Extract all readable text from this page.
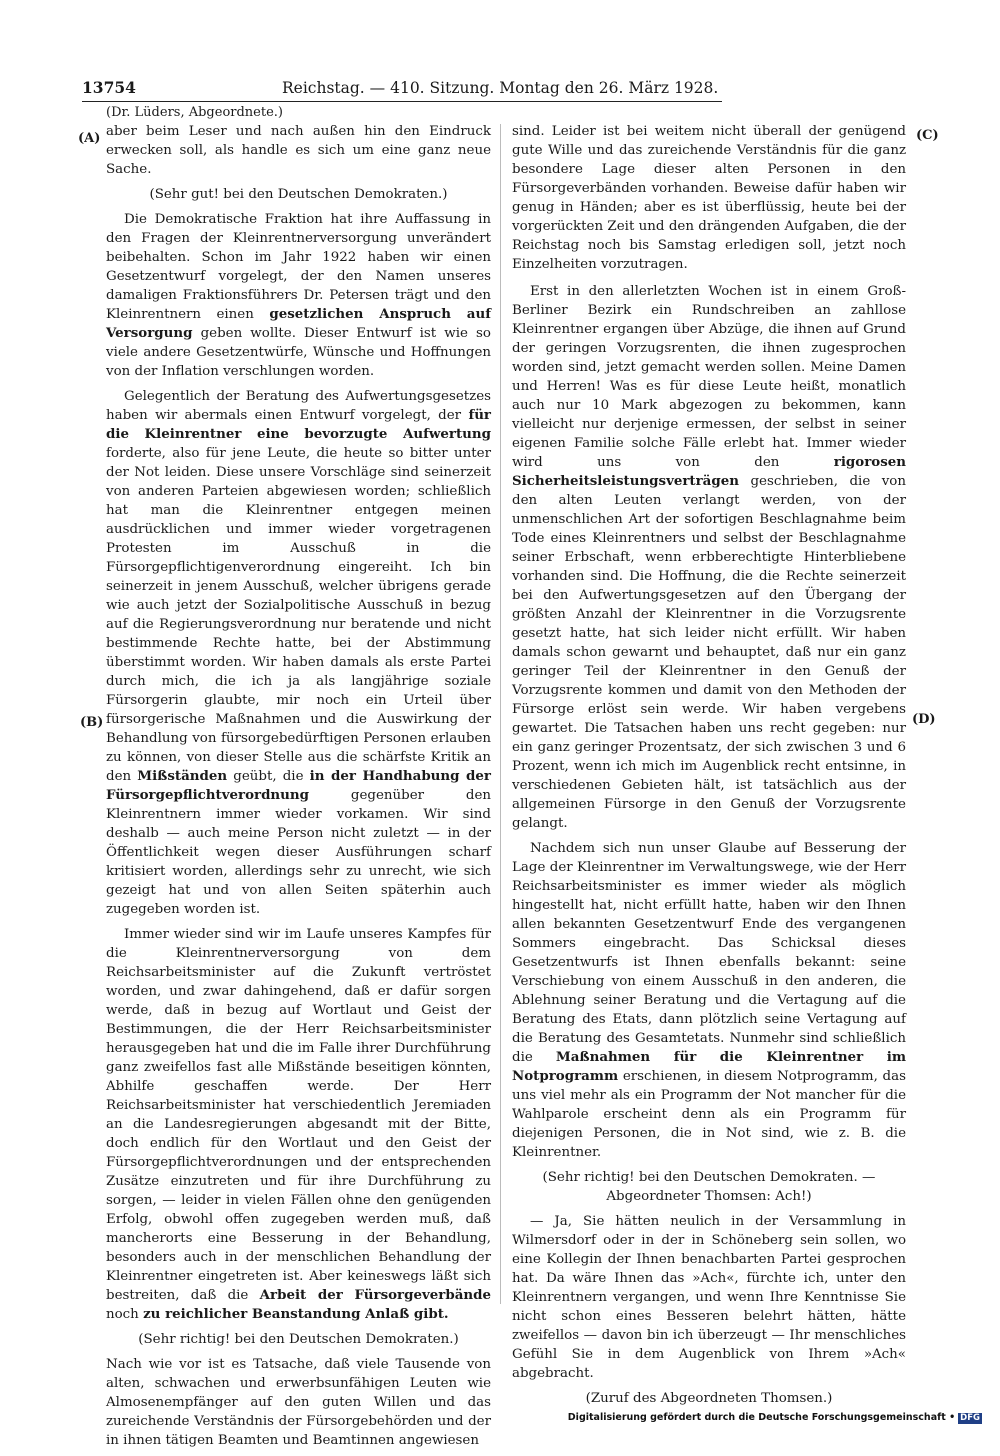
13754	Reichstag. — 410. Sitzung. Montag den 26. März 1928.
(Dr. Lüders, Abgeordnete.)
(A)
(B)
(C)
(D)

aber beim Leser und nach außen hin den Eindruck erwecken soll, als handle es sich um eine ganz neue Sache.

(Sehr gut! bei den Deutschen Demokraten.)

Die Demokratische Fraktion hat ihre Auffassung in den Fragen der Kleinrentnerversorgung unverändert beibehalten. Schon im Jahr 1922 haben wir einen Gesetzentwurf vorgelegt, der den Namen unseres damaligen Fraktionsführers Dr. Petersen trägt und den Kleinrentnern einen gesetzlichen Anspruch auf Versorgung geben wollte. Dieser Entwurf ist wie so viele andere Gesetzentwürfe, Wünsche und Hoffnungen von der Inflation verschlungen worden.

Gelegentlich der Beratung des Aufwertungsgesetzes haben wir abermals einen Entwurf vorgelegt, der für die Kleinrentner eine bevorzugte Aufwertung forderte, also für jene Leute, die heute so bitter unter der Not leiden. Diese unsere Vorschläge sind seinerzeit von anderen Parteien abgewiesen worden; schließlich hat man die Kleinrentner entgegen meinen ausdrücklichen und immer wieder vorgetragenen Protesten im Ausschuß in die Fürsorgepflichtigenverordnung eingereiht. Ich bin seinerzeit in jenem Ausschuß, welcher übrigens gerade wie auch jetzt der Sozialpolitische Ausschuß in bezug auf die Regierungsverordnung nur beratende und nicht bestimmende Rechte hatte, bei der Abstimmung überstimmt worden. Wir haben damals als erste Partei durch mich, die ich ja als langjährige soziale Fürsorgerin glaubte, mir noch ein Urteil über fürsorgerische Maßnahmen und die Auswirkung der Behandlung von fürsorgebedürftigen Personen erlauben zu können, von dieser Stelle aus die schärfste Kritik an den Mißständen geübt, die in der Handhabung der Fürsorgepflichtverordnung	gegenüber den Kleinrentnern immer wieder vorkamen. Wir sind deshalb — auch meine Person nicht zuletzt — in der Öffentlichkeit wegen dieser Ausführungen scharf kritisiert worden, allerdings sehr zu unrecht, wie sich gezeigt hat und von allen Seiten späterhin auch zugegeben worden ist.

Immer wieder sind wir im Laufe unseres Kampfes für die Kleinrentnerversorgung von dem Reichsarbeitsminister auf die Zukunft vertröstet worden, und zwar dahingehend, daß er dafür sorgen werde, daß in bezug auf Wortlaut und Geist der Bestimmungen, die der Herr Reichsarbeitsminister herausgegeben hat und die im Falle ihrer Durchführung ganz zweifellos fast alle Mißstände beseitigen könnten, Abhilfe geschaffen werde. Der Herr Reichsarbeitsminister hat verschiedentlich Jeremiaden an die Landesregierungen abgesandt mit der Bitte, doch endlich für den Wortlaut und den Geist der Fürsorgepflichtverordnungen und der entsprechenden Zusätze einzutreten und für ihre Durchführung zu sorgen, — leider in vielen Fällen ohne den genügenden Erfolg, obwohl offen zugegeben werden muß, daß mancherorts eine Besserung in der Behandlung, besonders auch in der menschlichen Behandlung der Kleinrentner eingetreten ist. Aber keineswegs läßt sich bestreiten, daß die Arbeit der Fürsorgeverbände noch zu reichlicher Beanstandung Anlaß gibt.

(Sehr richtig! bei den Deutschen Demokraten.)

Nach wie vor ist es Tatsache, daß viele Tausende von alten, schwachen und erwerbsunfähigen Leuten wie Almosenempfänger auf den guten Willen und das zureichende Verständnis der Fürsorgebehörden und der in ihnen tätigen Beamten und Beamtinnen angewiesen

sind. Leider ist bei weitem nicht überall der genügend gute Wille und das zureichende Verständnis für die ganz besondere Lage dieser alten Personen in den Fürsorgeverbänden vorhanden. Beweise dafür haben wir genug in Händen; aber es ist überflüssig, heute bei der vorgerückten Zeit und den drängenden Aufgaben, die der Reichstag noch bis Samstag erledigen soll, jetzt noch Einzelheiten vorzutragen.

Erst in den allerletzten Wochen ist in einem Groß-Berliner Bezirk ein Rundschreiben an zahllose Kleinrentner ergangen über Abzüge, die ihnen auf Grund der geringen Vorzugsrenten, die ihnen zugesprochen worden sind, jetzt gemacht werden sollen. Meine Damen und Herren! Was es für diese Leute heißt, monatlich auch nur 10 Mark abgezogen zu bekommen, kann vielleicht nur derjenige ermessen, der selbst in seiner eigenen Familie solche Fälle erlebt hat. Immer wieder wird uns von den	rigorosen Sicherheitsleistungsverträgen geschrieben, die von den alten Leuten verlangt werden, von der unmenschlichen Art der sofortigen Beschlagnahme beim Tode eines Kleinrentners und selbst der Beschlagnahme seiner Erbschaft, wenn erbberechtigte Hinterbliebene vorhanden sind. Die Hoffnung, die die Rechte seinerzeit bei den Aufwertungsgesetzen auf den Übergang der größten Anzahl der Kleinrentner in die Vorzugsrente gesetzt hatte, hat sich leider nicht erfüllt. Wir haben damals schon gewarnt und behauptet, daß nur ein ganz geringer Teil der Kleinrentner in den Genuß der Vorzugsrente kommen und damit von den Methoden der Fürsorge erlöst sein werde. Wir haben vergebens gewartet. Die Tatsachen haben uns recht gegeben: nur ein ganz geringer Prozentsatz, der sich zwischen 3 und 6 Prozent, wenn ich mich im Augenblick recht entsinne, in verschiedenen Gebieten hält, ist tatsächlich aus der allgemeinen Fürsorge in den Genuß der Vorzugsrente gelangt.

Nachdem sich nun unser Glaube auf Besserung der Lage der Kleinrentner im Verwaltungswege, wie der Herr Reichsarbeitsminister es immer wieder als möglich hingestellt hat, nicht erfüllt hatte, haben wir den Ihnen allen bekannten Gesetzentwurf Ende des vergangenen Sommers eingebracht. Das Schicksal dieses Gesetzentwurfs ist Ihnen ebenfalls bekannt: seine Verschiebung von einem Ausschuß in den anderen, die Ablehnung seiner Beratung und die Vertagung auf die Beratung des Etats, dann plötzlich seine Vertagung auf die Beratung des Gesamtetats. Nunmehr sind schließlich die Maßnahmen für die Kleinrentner im Notprogramm erschienen, in diesem Notprogramm, das uns viel mehr als ein Programm der Not mancher für die Wahlparole erscheint denn als ein Programm für diejenigen Personen, die in Not sind, wie z. B. die Kleinrentner.

(Sehr richtig! bei den Deutschen Demokraten. — Abgeordneter Thomsen: Ach!)

— Ja, Sie hätten neulich in der Versammlung in Wilmersdorf oder in der in Schöneberg sein sollen, wo eine Kollegin der Ihnen benachbarten Partei gesprochen hat. Da wäre Ihnen das »Ach«, fürchte ich, unter den Kleinrentnern vergangen, und wenn Ihre Kenntnisse Sie nicht schon eines Besseren belehrt hätten, hätte zweifellos — davon bin ich überzeugt — Ihr menschliches Gefühl Sie in dem Augenblick von Ihrem »Ach« abgebracht.

(Zuruf des Abgeordneten Thomsen.)

Digitalisierung gefördert durch die Deutsche Forschungsgemeinschaft • DFG
